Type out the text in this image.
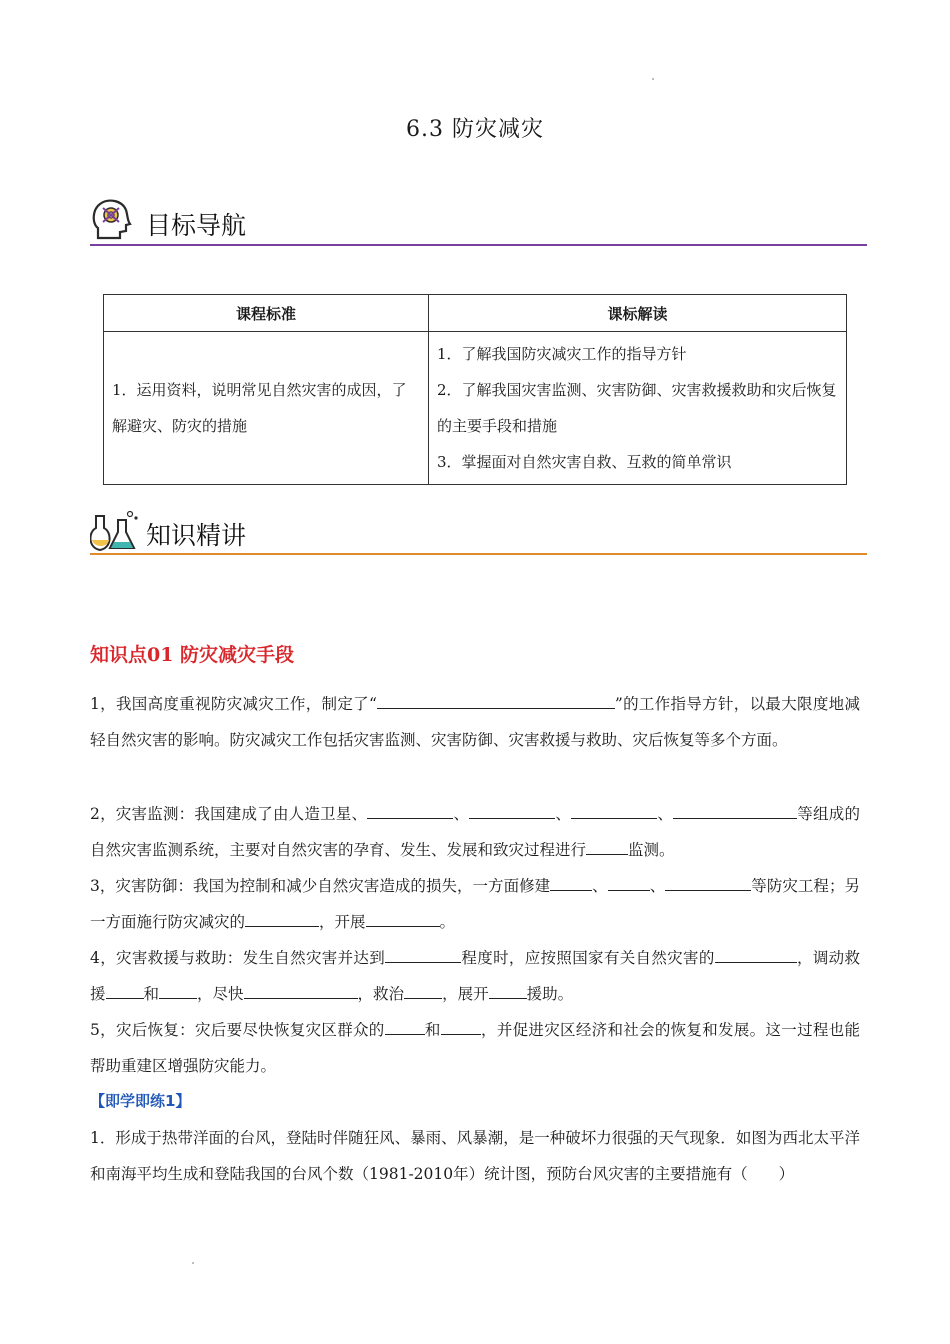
6.3 防灾减灾
目标导航
课程标准	课标解读
1．运用资料，说明常见自然灾害的成因，了解避灾、防灾的措施	1．了解我国防灾减灾工作的指导方针
2．了解我国灾害监测、灾害防御、灾害救援救助和灾后恢复的主要手段和措施
3．掌握面对自然灾害自救、互救的简单常识
知识精讲
知识点01 防灾减灾手段
1，我国高度重视防灾减灾工作，制定了“	”的工作指导方针，以最大限度地减轻自然灾害的影响。防灾减灾工作包括灾害监测、灾害防御、灾害救援与救助、灾后恢复等多个方面。
2，灾害监测：我国建成了由人造卫星、	、	、	、	等组成的自然灾害监测系统，主要对自然灾害的孕育、发生、发展和致灾过程进行	监测。
3，灾害防御：我国为控制和减少自然灾害造成的损失，一方面修建	、	、	等防灾工程；另一方面施行防灾减灾的	，开展	。
4，灾害救援与救助：发生自然灾害并达到	程度时，应按照国家有关自然灾害的	，调动救援 和 ，尽快	，救治 ，展开 援助。
5，灾后恢复：灾后要尽快恢复灾区群众的	和	，并促进灾区经济和社会的恢复和发展。这一过程也能帮助重建区增强防灾能力。
【即学即练1】
1．形成于热带洋面的台风，登陆时伴随狂风、暴雨、风暴潮，是一种破坏力很强的天气现象．如图为西北太平洋和南海平均生成和登陆我国的台风个数（1981-2010年）统计图，预防台风灾害的主要措施有（　　）
